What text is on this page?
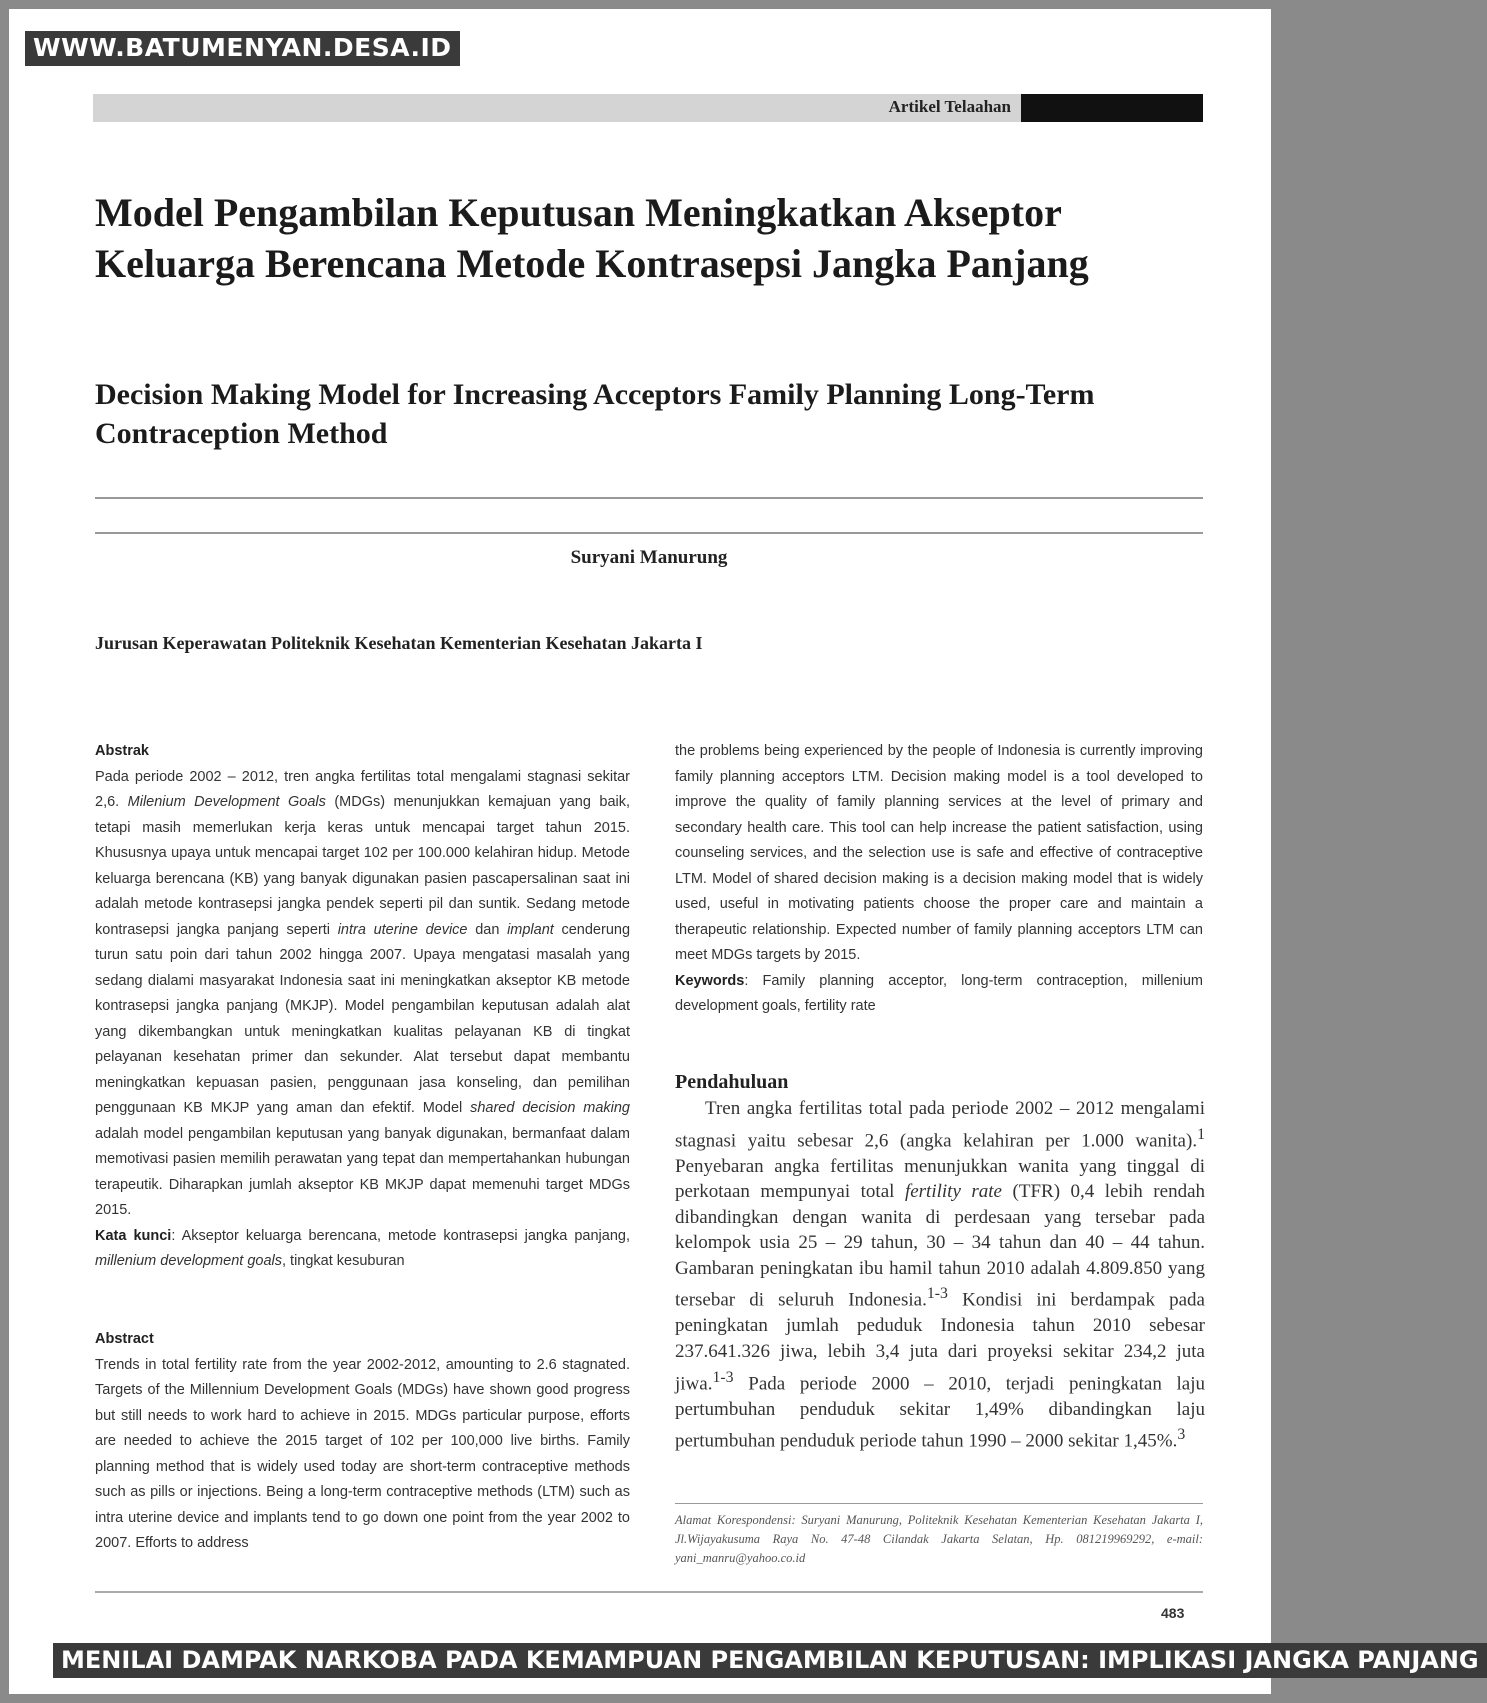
WWW.BATUMENYAN.DESA.ID
Artikel Telaahan
Model Pengambilan Keputusan Meningkatkan Akseptor Keluarga Berencana Metode Kontrasepsi Jangka Panjang
Decision Making Model for Increasing Acceptors Family Planning Long-Term Contraception Method
Suryani Manurung
Jurusan Keperawatan Politeknik Kesehatan Kementerian Kesehatan Jakarta I
Abstrak
Pada periode 2002 – 2012, tren angka fertilitas total mengalami stagnasi sekitar 2,6. Milenium Development Goals (MDGs) menunjukkan kemajuan yang baik, tetapi masih memerlukan kerja keras untuk mencapai target tahun 2015. Khususnya upaya untuk mencapai target 102 per 100.000 kelahiran hidup. Metode keluarga berencana (KB) yang banyak digunakan pasien pascapersalinan saat ini adalah metode kontrasepsi jangka pendek seperti pil dan suntik. Sedang metode kontrasepsi jangka panjang seperti intra uterine device dan implant cenderung turun satu poin dari tahun 2002 hingga 2007. Upaya mengatasi masalah yang sedang dialami masyarakat Indonesia saat ini meningkatkan akseptor KB metode kontrasepsi jangka panjang (MKJP). Model pengambilan keputusan adalah alat yang dikembangkan untuk meningkatkan kualitas pelayanan KB di tingkat pelayanan kesehatan primer dan sekunder. Alat tersebut dapat membantu meningkatkan kepuasan pasien, penggunaan jasa konseling, dan pemilihan penggunaan KB MKJP yang aman dan efektif. Model shared decision making adalah model pengambilan keputusan yang banyak digunakan, bermanfaat dalam memotivasi pasien memilih perawatan yang tepat dan mempertahankan hubungan terapeutik. Diharapkan jumlah akseptor KB MKJP dapat memenuhi target MDGs 2015.
Kata kunci: Akseptor keluarga berencana, metode kontrasepsi jangka panjang, millenium development goals, tingkat kesuburan
Abstract
Trends in total fertility rate from the year 2002-2012, amounting to 2.6 stagnated. Targets of the Millennium Development Goals (MDGs) have shown good progress but still needs to work hard to achieve in 2015. MDGs particular purpose, efforts are needed to achieve the 2015 target of 102 per 100,000 live births. Family planning method that is widely used today are short-term contraceptive methods such as pills or injections. Being a long-term contraceptive methods (LTM) such as intra uterine device and implants tend to go down one point from the year 2002 to 2007. Efforts to address
the problems being experienced by the people of Indonesia is currently improving family planning acceptors LTM. Decision making model is a tool developed to improve the quality of family planning services at the level of primary and secondary health care. This tool can help increase the patient satisfaction, using counseling services, and the selection use is safe and effective of contraceptive LTM. Model of shared decision making is a decision making model that is widely used, useful in motivating patients choose the proper care and maintain a therapeutic relationship. Expected number of family planning acceptors LTM can meet MDGs targets by 2015.
Keywords: Family planning acceptor, long-term contraception, millenium development goals, fertility rate
Pendahuluan

Tren angka fertilitas total pada periode 2002 – 2012 mengalami stagnasi yaitu sebesar 2,6 (angka kelahiran per 1.000 wanita).$^1$ Penyebaran angka fertilitas menunjukkan wanita yang tinggal di perkotaan mempunyai total fertility rate (TFR) 0,4 lebih rendah dibandingkan dengan wanita di perdesaan yang tersebar pada kelompok usia 25 – 29 tahun, 30 – 34 tahun dan 40 – 44 tahun. Gambaran peningkatan ibu hamil tahun 2010 adalah 4.809.850 yang tersebar di seluruh Indonesia.$^{1-3}$ Kondisi ini berdampak pada peningkatan jumlah peduduk Indonesia tahun 2010 sebesar 237.641.326 jiwa, lebih 3,4 juta dari proyeksi sekitar 234,2 juta jiwa.$^{1-3}$ Pada periode 2000 – 2010, terjadi peningkatan laju pertumbuhan penduduk sekitar 1,49% dibandingkan laju pertumbuhan penduduk periode tahun 1990 – 2000 sekitar 1,45%.$^3$

Alamat Korespondensi: Suryani Manurung, Politeknik Kesehatan Kementerian Kesehatan Jakarta I, Jl.Wijayakusuma Raya No. 47-48 Cilandak Jakarta Selatan, Hp. 081219969292, e-mail: yani_manru@yahoo.co.id
483
MENILAI DAMPAK NARKOBA PADA KEMAMPUAN PENGAMBILAN KEPUTUSAN: IMPLIKASI JANGKA PANJANG
